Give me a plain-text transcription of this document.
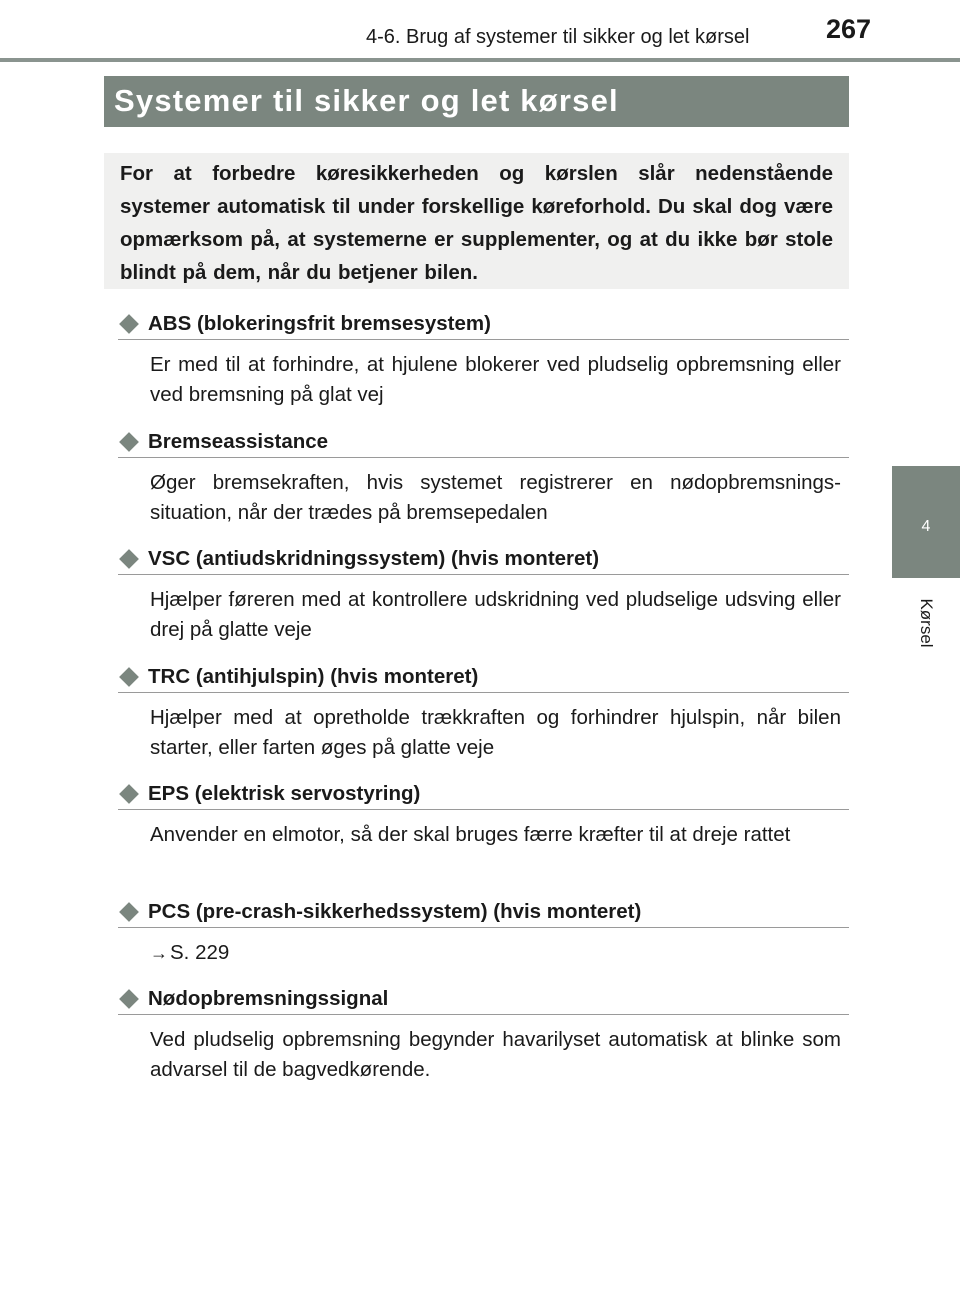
4-6. Brug af systemer til sikker og let kørsel	267
4
Kørsel
Systemer til sikker og let kørsel

For at forbedre køresikkerheden og kørslen slår nedenstående systemer automatisk til under forskellige køreforhold. Du skal dog være opmærksom på, at systemerne er supplementer, og at du ikke bør stole blindt på dem, når du betjener bilen.

ABS (blokeringsfrit bremsesystem)
Er med til at forhindre, at hjulene blokerer ved pludselig opbremsning eller ved bremsning på glat vej
Bremseassistance
Øger bremsekraften, hvis systemet registrerer en nødopbremsnings-situation, når der trædes på bremsepedalen
VSC (antiudskridningssystem) (hvis monteret)
Hjælper føreren med at kontrollere udskridning ved pludselige udsving eller drej på glatte veje
TRC (antihjulspin) (hvis monteret)
Hjælper med at opretholde trækkraften og forhindrer hjulspin, når bilen starter, eller farten øges på glatte veje
EPS (elektrisk servostyring)
Anvender en elmotor, så der skal bruges færre kræfter til at dreje rattet
PCS (pre-crash-sikkerhedssystem) (hvis monteret)
→S. 229
Nødopbremsningssignal
Ved pludselig opbremsning begynder havarilyset automatisk at blinke som advarsel til de bagvedkørende.
